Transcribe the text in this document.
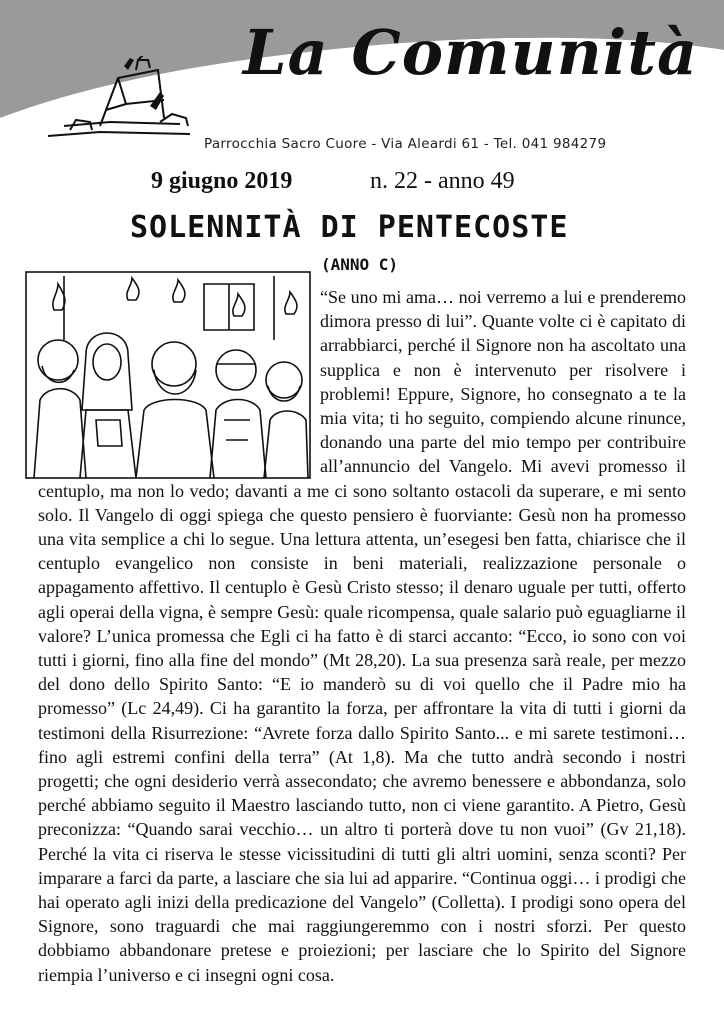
La Comunità
Parrocchia Sacro Cuore - Via Aleardi 61 - Tel. 041 984279
9 giugno 2019	n. 22 - anno 49
SOLENNITÀ DI PENTECOSTE
(ANNO C)
“Se uno mi ama… noi verremo a lui e prenderemo dimora presso di lui”. Quante volte ci è capitato di arrabbiarci, perché il Signore non ha ascoltato una supplica e non è intervenuto per risolvere i problemi! Eppure, Signore, ho consegnato a te la mia vita; ti ho seguito, compiendo alcune rinunce, donando una parte del mio tempo per contribuire all’annuncio del Vangelo. Mi avevi promesso il centuplo, ma non lo vedo; davanti a me ci sono soltanto ostacoli da superare, e mi sento solo. Il Vangelo di oggi spiega che questo pensiero è fuorviante: Gesù non ha promesso una vita semplice a chi lo segue. Una lettura attenta, un’esegesi ben fatta, chiarisce che il centuplo evangelico non consiste in beni materiali, realizzazione personale o appagamento affettivo. Il centuplo è Gesù Cristo stesso; il denaro uguale per tutti, offerto agli operai della vigna, è sempre Gesù: quale ricompensa, quale salario può eguagliarne il valore? L’unica promessa che Egli ci ha fatto è di starci accanto: “Ecco, io sono con voi tutti i giorni, fino alla fine del mondo” (Mt 28,20). La sua presenza sarà reale, per mezzo del dono dello Spirito Santo: “E io manderò su di voi quello che il Padre mio ha promesso” (Lc 24,49). Ci ha garantito la forza, per affrontare la vita di tutti i giorni da testimoni della Risurrezione: “Avrete forza dallo Spirito Santo... e mi sarete testimoni… fino agli estremi confini della terra” (At 1,8). Ma che tutto andrà secondo i nostri progetti; che ogni desiderio verrà assecondato; che avremo benessere e abbondanza, solo perché abbiamo seguito il Maestro lasciando tutto, non ci viene garantito. A Pietro, Gesù preconizza: “Quando sarai vecchio… un altro ti porterà dove tu non vuoi” (Gv 21,18). Perché la vita ci riserva le stesse vicissitudini di tutti gli altri uomini, senza sconti? Per imparare a farci da parte, a lasciare che sia lui ad apparire. “Continua oggi… i prodigi che hai operato agli inizi della predicazione del Vangelo” (Colletta). I prodigi sono opera del Signore, sono traguardi che mai raggiungeremmo con i nostri sforzi. Per questo dobbiamo abbandonare pretese e proiezioni; per lasciare che lo Spirito del Signore riempia l’universo e ci insegni ogni cosa.
